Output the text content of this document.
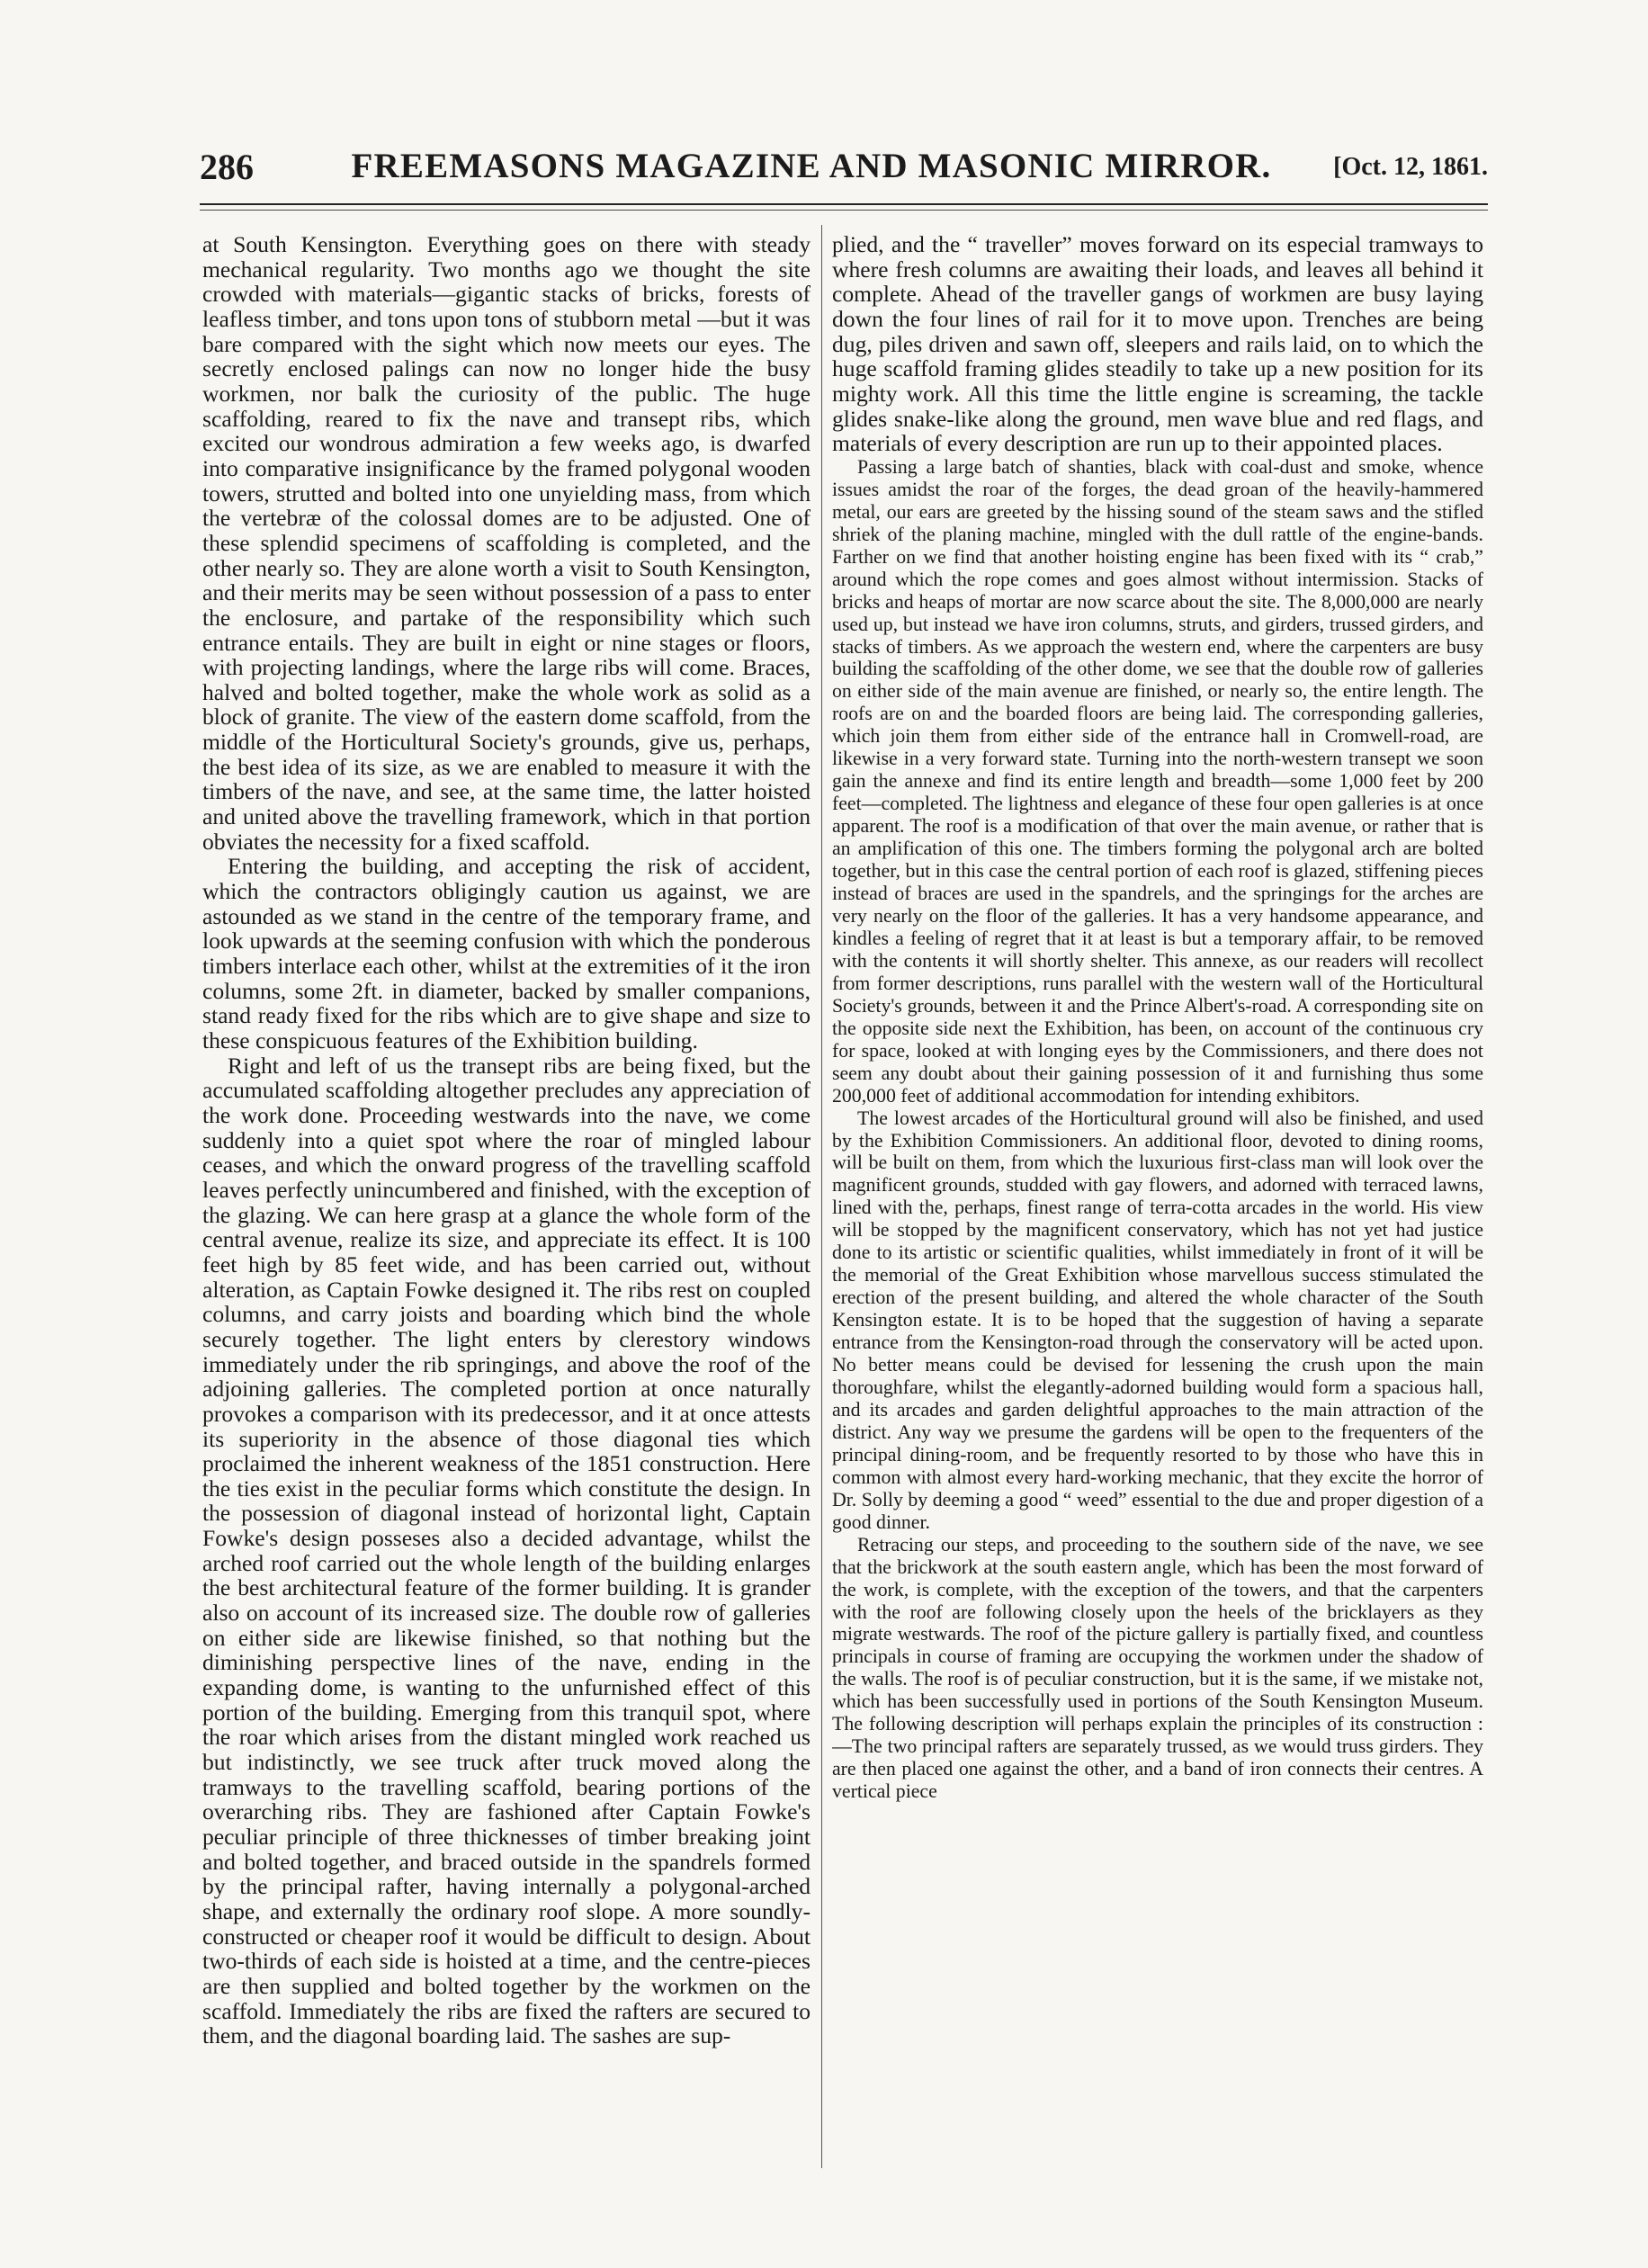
286	FREEMASONS MAGAZINE AND MASONIC MIRROR.	[Oct. 12, 1861.

at South Kensington. Everything goes on there with steady mechanical regularity. Two months ago we thought the site crowded with materials—gigantic stacks of bricks, forests of leafless timber, and tons upon tons of stubborn metal —but it was bare compared with the sight which now meets our eyes. The secretly enclosed palings can now no longer hide the busy workmen, nor balk the curiosity of the public. The huge scaffolding, reared to fix the nave and transept ribs, which excited our wondrous admiration a few weeks ago, is dwarfed into comparative insignificance by the framed polygonal wooden towers, strutted and bolted into one unyielding mass, from which the vertebræ of the colossal domes are to be adjusted. One of these splendid specimens of scaffolding is completed, and the other nearly so. They are alone worth a visit to South Kensington, and their merits may be seen without possession of a pass to enter the enclosure, and partake of the responsibility which such entrance entails. They are built in eight or nine stages or floors, with projecting landings, where the large ribs will come. Braces, halved and bolted together, make the whole work as solid as a block of granite. The view of the eastern dome scaffold, from the middle of the Horticultural Society's grounds, give us, perhaps, the best idea of its size, as we are enabled to measure it with the timbers of the nave, and see, at the same time, the latter hoisted and united above the travelling framework, which in that portion obviates the necessity for a fixed scaffold.

Entering the building, and accepting the risk of accident, which the contractors obligingly caution us against, we are astounded as we stand in the centre of the temporary frame, and look upwards at the seeming confusion with which the ponderous timbers interlace each other, whilst at the extremities of it the iron columns, some 2ft. in diameter, backed by smaller companions, stand ready fixed for the ribs which are to give shape and size to these conspicuous features of the Exhibition building.

Right and left of us the transept ribs are being fixed, but the accumulated scaffolding altogether precludes any appreciation of the work done. Proceeding westwards into the nave, we come suddenly into a quiet spot where the roar of mingled labour ceases, and which the onward progress of the travelling scaffold leaves perfectly unincumbered and finished, with the exception of the glazing. We can here grasp at a glance the whole form of the central avenue, realize its size, and appreciate its effect. It is 100 feet high by 85 feet wide, and has been carried out, without alteration, as Captain Fowke designed it. The ribs rest on coupled columns, and carry joists and boarding which bind the whole securely together. The light enters by clerestory windows immediately under the rib springings, and above the roof of the adjoining galleries. The completed portion at once naturally provokes a comparison with its predecessor, and it at once attests its superiority in the absence of those diagonal ties which proclaimed the inherent weakness of the 1851 construction. Here the ties exist in the peculiar forms which constitute the design. In the possession of diagonal instead of horizontal light, Captain Fowke's design posseses also a decided advantage, whilst the arched roof carried out the whole length of the building enlarges the best architectural feature of the former building. It is grander also on account of its increased size. The double row of galleries on either side are likewise finished, so that nothing but the diminishing perspective lines of the nave, ending in the expanding dome, is wanting to the unfurnished effect of this portion of the building. Emerging from this tranquil spot, where the roar which arises from the distant mingled work reached us but indistinctly, we see truck after truck moved along the tramways to the travelling scaffold, bearing portions of the overarching ribs. They are fashioned after Captain Fowke's peculiar principle of three thicknesses of timber breaking joint and bolted together, and braced outside in the spandrels formed by the principal rafter, having internally a polygonal-arched shape, and externally the ordinary roof slope. A more soundly-constructed or cheaper roof it would be difficult to design. About two-thirds of each side is hoisted at a time, and the centre-pieces are then supplied and bolted together by the workmen on the scaffold. Immediately the ribs are fixed the rafters are secured to them, and the diagonal boarding laid. The sashes are sup-

plied, and the “ traveller” moves forward on its especial tramways to where fresh columns are awaiting their loads, and leaves all behind it complete. Ahead of the traveller gangs of workmen are busy laying down the four lines of rail for it to move upon. Trenches are being dug, piles driven and sawn off, sleepers and rails laid, on to which the huge scaffold framing glides steadily to take up a new position for its mighty work. All this time the little engine is screaming, the tackle glides snake-like along the ground, men wave blue and red flags, and materials of every description are run up to their appointed places.

Passing a large batch of shanties, black with coal-dust and smoke, whence issues amidst the roar of the forges, the dead groan of the heavily-hammered metal, our ears are greeted by the hissing sound of the steam saws and the stifled shriek of the planing machine, mingled with the dull rattle of the engine-bands. Farther on we find that another hoisting engine has been fixed with its “ crab,” around which the rope comes and goes almost without intermission. Stacks of bricks and heaps of mortar are now scarce about the site. The 8,000,000 are nearly used up, but instead we have iron columns, struts, and girders, trussed girders, and stacks of timbers. As we approach the western end, where the carpenters are busy building the scaffolding of the other dome, we see that the double row of galleries on either side of the main avenue are finished, or nearly so, the entire length. The roofs are on and the boarded floors are being laid. The corresponding galleries, which join them from either side of the entrance hall in Cromwell-road, are likewise in a very forward state. Turning into the north-western transept we soon gain the annexe and find its entire length and breadth—some 1,000 feet by 200 feet—completed. The lightness and elegance of these four open galleries is at once apparent. The roof is a modification of that over the main avenue, or rather that is an amplification of this one. The timbers forming the polygonal arch are bolted together, but in this case the central portion of each roof is glazed, stiffening pieces instead of braces are used in the spandrels, and the springings for the arches are very nearly on the floor of the galleries. It has a very handsome appearance, and kindles a feeling of regret that it at least is but a temporary affair, to be removed with the contents it will shortly shelter. This annexe, as our readers will recollect from former descriptions, runs parallel with the western wall of the Horticultural Society's grounds, between it and the Prince Albert's-road. A corresponding site on the opposite side next the Exhibition, has been, on account of the continuous cry for space, looked at with longing eyes by the Commissioners, and there does not seem any doubt about their gaining possession of it and furnishing thus some 200,000 feet of additional accommodation for intending exhibitors.

The lowest arcades of the Horticultural ground will also be finished, and used by the Exhibition Commissioners. An additional floor, devoted to dining rooms, will be built on them, from which the luxurious first-class man will look over the magnificent grounds, studded with gay flowers, and adorned with terraced lawns, lined with the, perhaps, finest range of terra-cotta arcades in the world. His view will be stopped by the magnificent conservatory, which has not yet had justice done to its artistic or scientific qualities, whilst immediately in front of it will be the memorial of the Great Exhibition whose marvellous success stimulated the erection of the present building, and altered the whole character of the South Kensington estate. It is to be hoped that the suggestion of having a separate entrance from the Kensington-road through the conservatory will be acted upon. No better means could be devised for lessening the crush upon the main thoroughfare, whilst the elegantly-adorned building would form a spacious hall, and its arcades and garden delightful approaches to the main attraction of the district. Any way we presume the gardens will be open to the frequenters of the principal dining-room, and be frequently resorted to by those who have this in common with almost every hard-working mechanic, that they excite the horror of Dr. Solly by deeming a good “ weed” essential to the due and proper digestion of a good dinner.

Retracing our steps, and proceeding to the southern side of the nave, we see that the brickwork at the south eastern angle, which has been the most forward of the work, is complete, with the exception of the towers, and that the carpenters with the roof are following closely upon the heels of the bricklayers as they migrate westwards. The roof of the picture gallery is partially fixed, and countless principals in course of framing are occupying the workmen under the shadow of the walls. The roof is of peculiar construction, but it is the same, if we mistake not, which has been successfully used in portions of the South Kensington Museum. The following description will perhaps explain the principles of its construction :—The two principal rafters are separately trussed, as we would truss girders. They are then placed one against the other, and a band of iron connects their centres. A vertical piece
